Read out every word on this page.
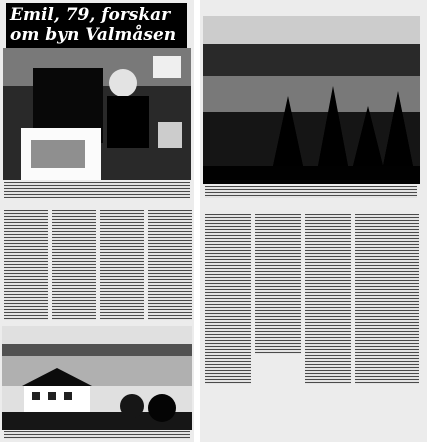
Emil, 79, forskar om byn Valmåsen
